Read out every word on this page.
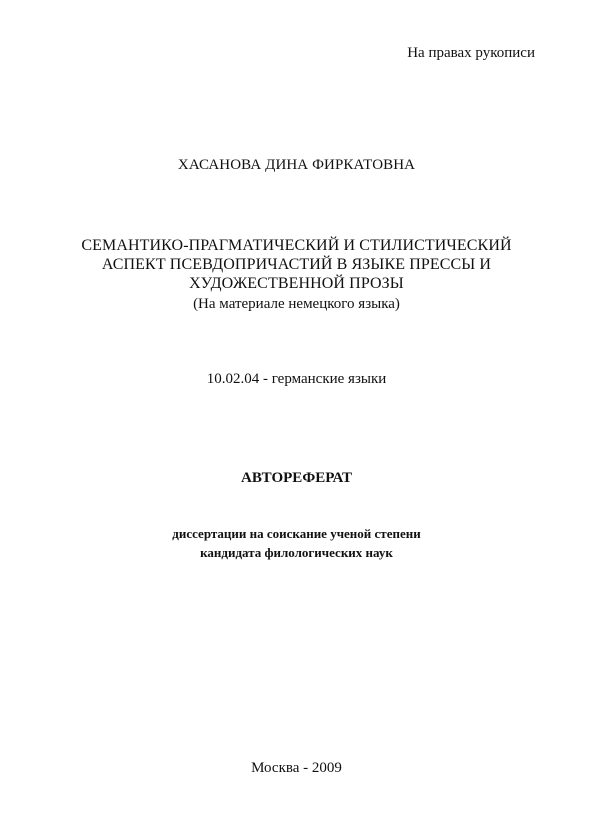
На правах рукописи
ХАСАНОВА ДИНА ФИРКАТОВНА
СЕМАНТИКО-ПРАГМАТИЧЕСКИЙ И СТИЛИСТИЧЕСКИЙ
АСПЕКТ ПСЕВДОПРИЧАСТИЙ В ЯЗЫКЕ ПРЕССЫ И
ХУДОЖЕСТВЕННОЙ ПРОЗЫ
(На материале немецкого языка)
10.02.04 - германские языки
АВТОРЕФЕРАТ
диссертации на соискание ученой степени
кандидата филологических наук
Москва - 2009
